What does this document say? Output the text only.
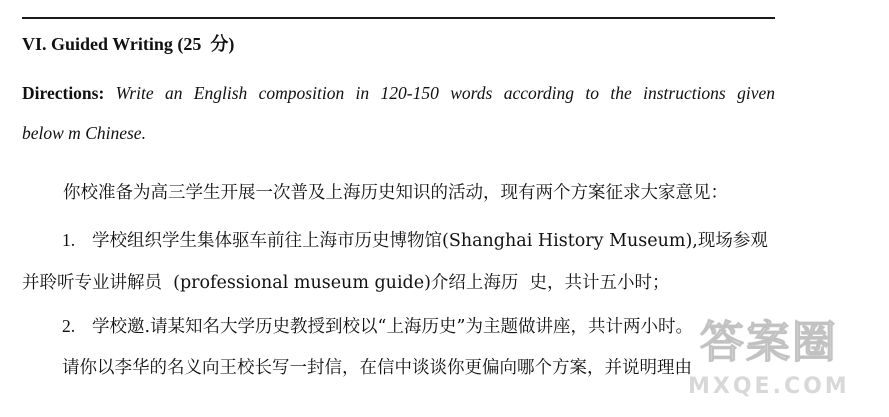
VI. Guided Writing (25  分)
Directions: Write an English composition in 120-150 words according to the instructions given
below m Chinese.
你校准备为高三学生开展一次普及上海历史知识的活动，现有两个方案征求大家意见：
1. 学校组织学生集体驱车前往上海市历史博物馆(Shanghai History Museum),现场参观
并聆听专业讲解员  (professional museum guide)介绍上海历  史，共计五小时；
2. 学校邀.请某知名大学历史教授到校以“上海历史”为主题做讲座，共计两小时。
请你以李华的名义向王校长写一封信，在信中谈谈你更偏向哪个方案，并说明理由 答案圈
MXQE.COM
